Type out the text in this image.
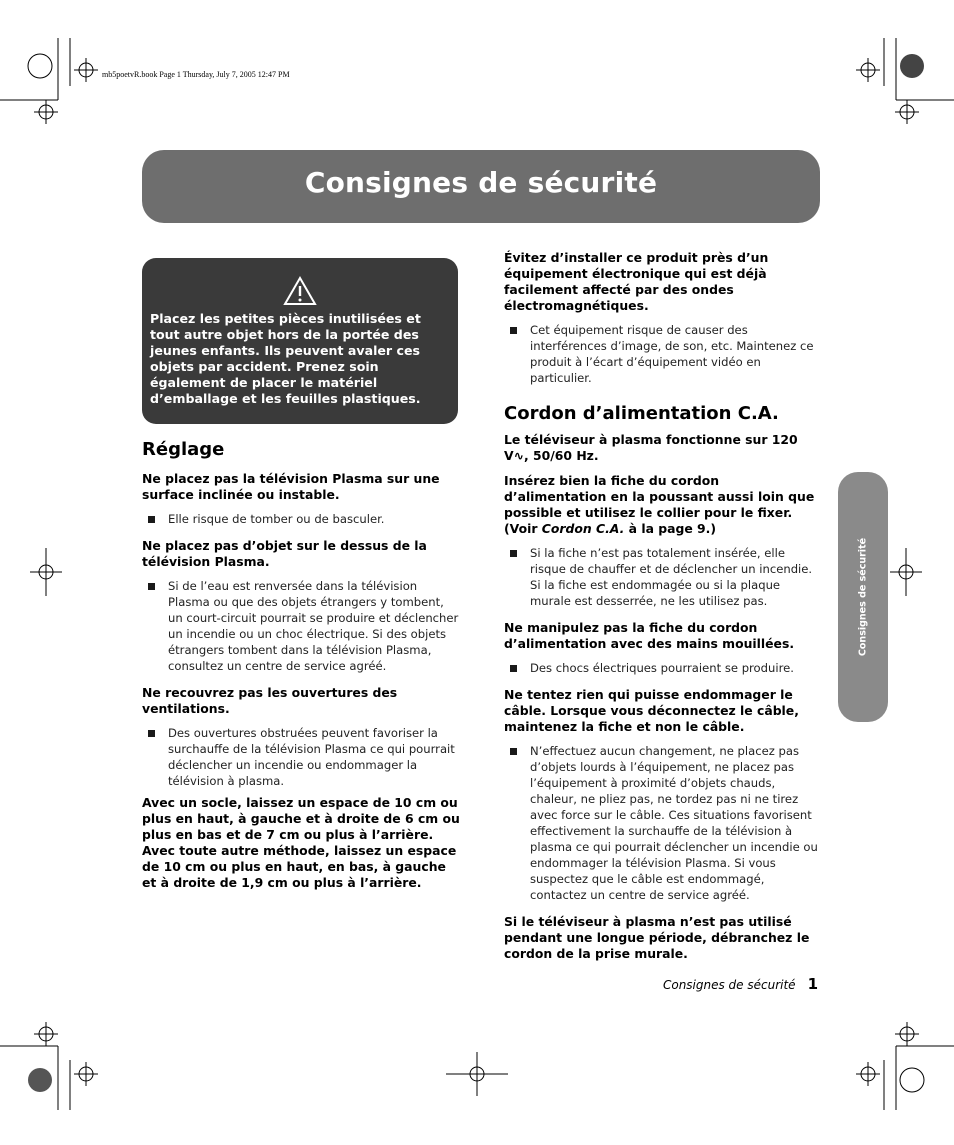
mb5poetvR.book Page 1 Thursday, July 7, 2005 12:47 PM
Consignes de sécurité
Placez les petites pièces inutilisées et tout autre objet hors de la portée des jeunes enfants. Ils peuvent avaler ces objets par accident. Prenez soin également de placer le matériel d’emballage et les feuilles plastiques.
Réglage

Ne placez pas la télévision Plasma sur une surface inclinée ou instable.

Elle risque de tomber ou de basculer.

Ne placez pas d’objet sur le dessus de la télévision Plasma.

Si de l’eau est renversée dans la télévision Plasma ou que des objets étrangers y tombent, un court-circuit pourrait se produire et déclencher un incendie ou un choc électrique. Si des objets étrangers tombent dans la télévision Plasma, consultez un centre de service agréé.

Ne recouvrez pas les ouvertures des ventilations.

Des ouvertures obstruées peuvent favoriser la surchauffe de la télévision Plasma ce qui pourrait déclencher un incendie ou endommager la télévision à plasma.

Avec un socle, laissez un espace de 10 cm ou plus en haut, à gauche et à droite de 6 cm ou plus en bas et de 7 cm ou plus à l’arrière. Avec toute autre méthode, laissez un espace de 10 cm ou plus en haut, en bas, à gauche et à droite de 1,9 cm ou plus à l’arrière.

Évitez d’installer ce produit près d’un équipement électronique qui est déjà facilement affecté par des ondes électromagnétiques.

Cet équipement risque de causer des interférences d’image, de son, etc. Maintenez ce produit à l’écart d’équipement vidéo en particulier.
Cordon d’alimentation C.A.

Le téléviseur à plasma fonctionne sur 120 V∿, 50/60 Hz.

Insérez bien la fiche du cordon d’alimentation en la poussant aussi loin que possible et utilisez le collier pour le fixer. (Voir Cordon C.A. à la page 9.)

Si la fiche n’est pas totalement insérée, elle risque de chauffer et de déclencher un incendie. Si la fiche est endommagée ou si la plaque murale est desserrée, ne les utilisez pas.

Ne manipulez pas la fiche du cordon d’alimentation avec des mains mouillées.

Des chocs électriques pourraient se produire.

Ne tentez rien qui puisse endommager le câble. Lorsque vous déconnectez le câble, maintenez la fiche et non le câble.

N’effectuez aucun changement, ne placez pas d’objets lourds à l’équipement, ne placez pas l’équipement à proximité d’objets chauds, chaleur, ne pliez pas, ne tordez pas ni ne tirez avec force sur le câble. Ces situations favorisent effectivement la surchauffe de la télévision à plasma ce qui pourrait déclencher un incendie ou endommager la télévision Plasma. Si vous suspectez que le câble est endommagé, contactez un centre de service agréé.

Si le téléviseur à plasma n’est pas utilisé pendant une longue période, débranchez le cordon de la prise murale.

Consignes de sécurité
Consignes de sécurité 1
